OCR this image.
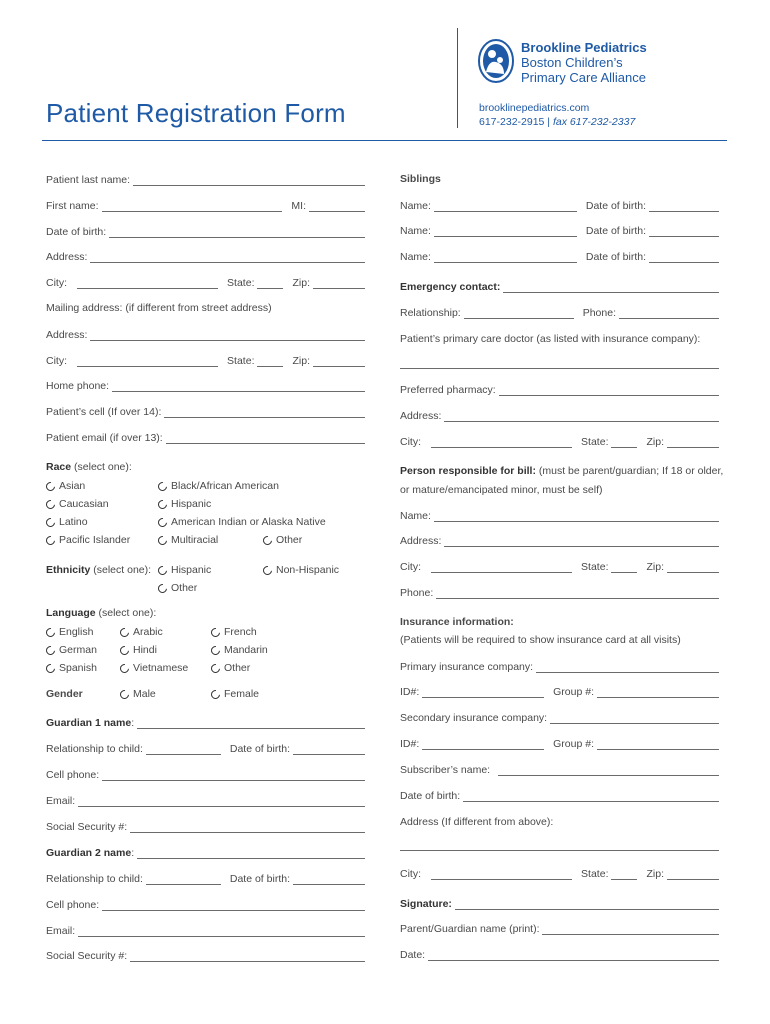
Patient Registration Form
Brookline Pediatrics
Boston Children’s
Primary Care Alliance
brooklinepediatrics.com
617-232-2915 | fax 617-232-2337
Patient last name:
First name:	MI:
Date of birth:
Address:
City:	State:	Zip:
Mailing address: (if different from street address)
Address:
City:	State:	Zip:
Home phone:
Patient’s cell (If over 14):
Patient email (if over 13):
Race (select one):
Asian	Black/African American
Caucasian	Hispanic
Latino	American Indian or Alaska Native
Pacific Islander	Multiracial	Other
Ethnicity (select one): Hispanic	Non-Hispanic
Other
Language (select one):
English	Arabic	French
German	Hindi	Mandarin
Spanish	Vietnamese	Other
Gender	Male	Female
Guardian 1 name :
Relationship to child:	Date of birth:
Cell phone:
Email:
Social Security #:
Guardian 2 name :
Relationship to child:	Date of birth:
Cell phone:
Email:
Social Security #:
Siblings
Name:	Date of birth:
Name:	Date of birth:
Name:	Date of birth:
Emergency contact:
Relationship:	Phone:
Patient’s primary care doctor (as listed with insurance company):
Preferred pharmacy:
Address:
City:	State:	Zip:
Person responsible for bill: (must be parent/guardian; If 18 or older,
or mature/emancipated minor, must be self)
Name:
Address:
City:	State:	Zip:
Phone:
Insurance information:
(Patients will be required to show insurance card at all visits)
Primary insurance company:
ID#:	Group #:
Secondary insurance company:
ID#:	Group #:
Subscriber’s name:
Date of birth:
Address (If different from above):
City:	State:	Zip:
Signature:
Parent/Guardian name (print):
Date:
